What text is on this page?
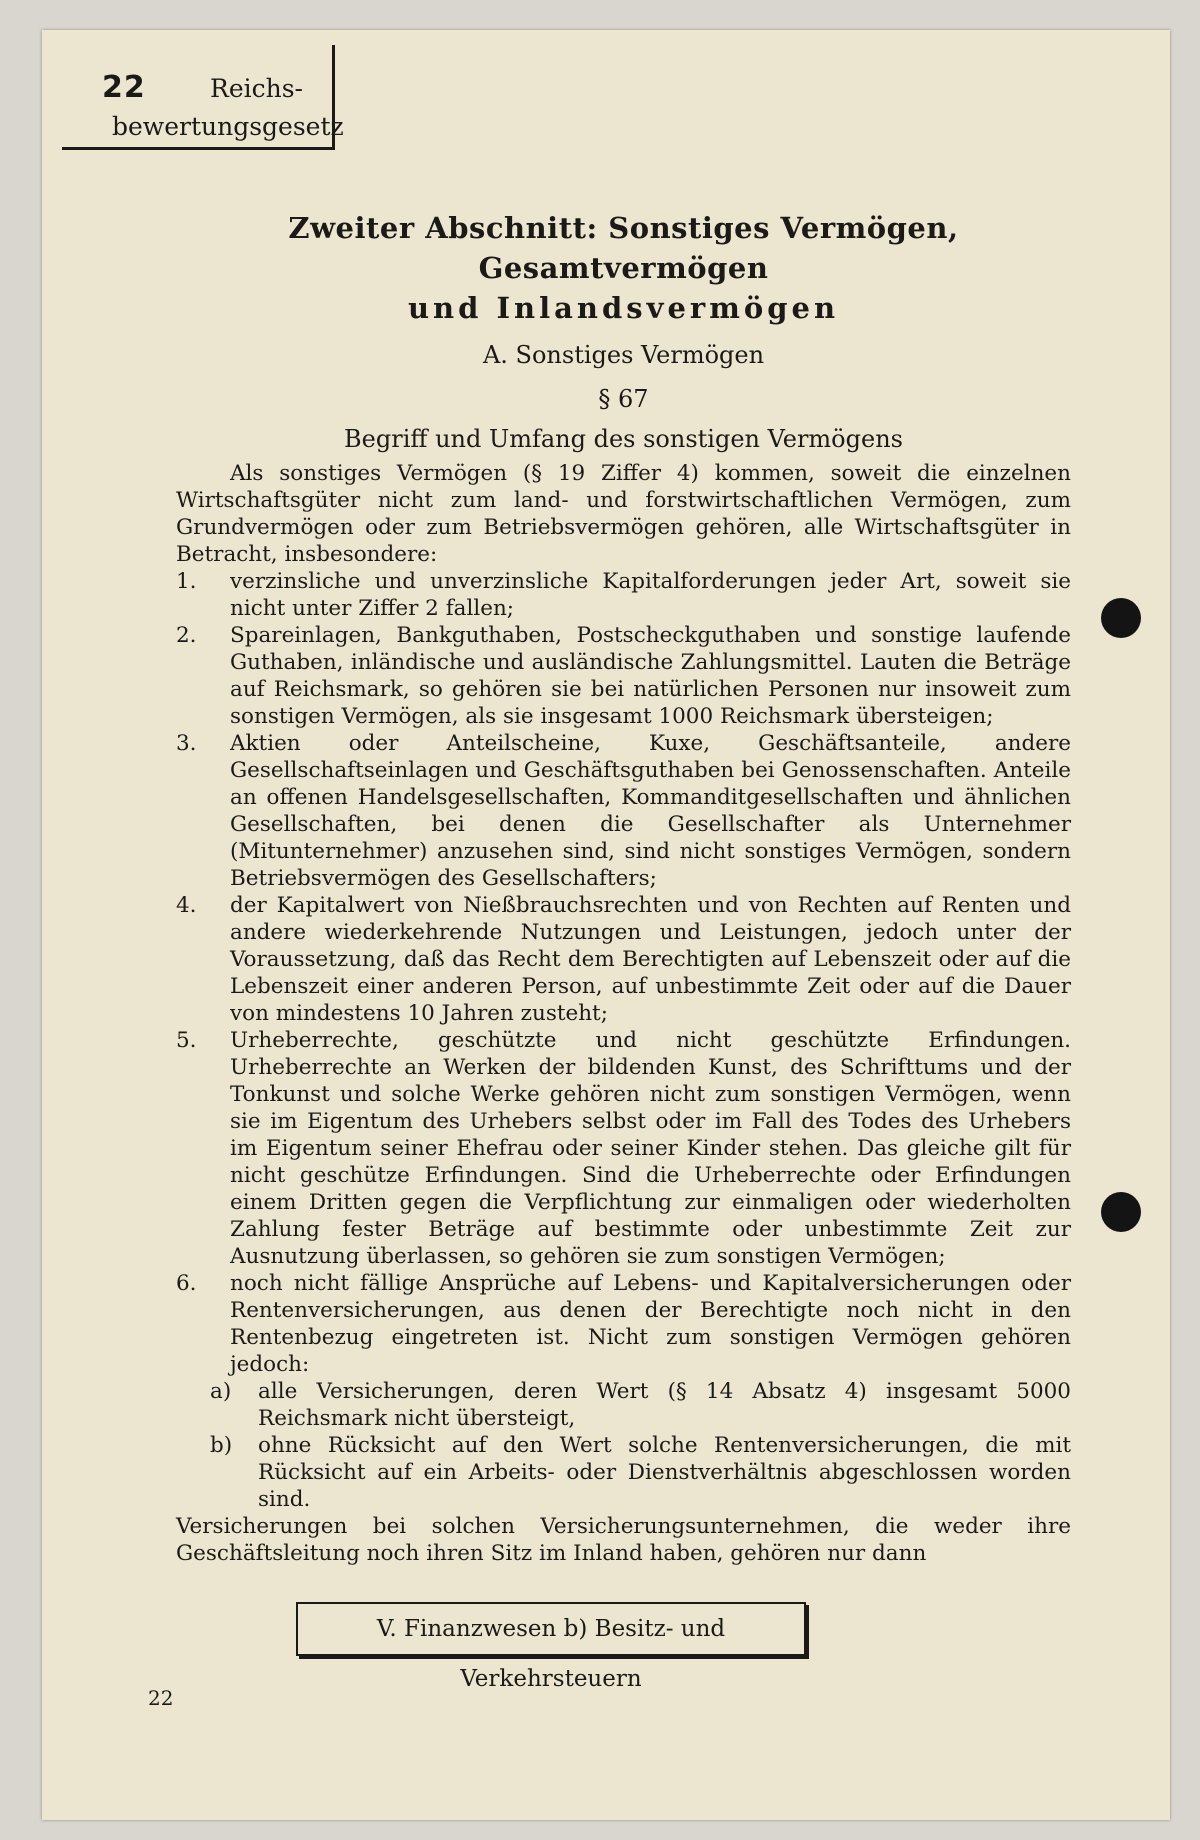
22	Reichs-
bewertungsgesetz
Zweiter Abschnitt: Sonstiges Vermögen, Gesamtvermögen
und Inlandsvermögen
A. Sonstiges Vermögen
§ 67
Begriff und Umfang des sonstigen Vermögens

Als sonstiges Vermögen (§ 19 Ziffer 4) kommen, soweit die einzelnen Wirtschaftsgüter nicht zum land- und forstwirtschaftlichen Vermögen, zum Grundvermögen oder zum Betriebsvermögen gehören, alle Wirtschaftsgüter in Betracht, insbesondere:

1. verzinsliche und unverzinsliche Kapitalforderungen jeder Art, soweit sie nicht unter Ziffer 2 fallen;
2. Spareinlagen, Bankguthaben, Postscheckguthaben und sonstige laufende Guthaben, inländische und ausländische Zahlungsmittel. Lauten die Beträge auf Reichsmark, so gehören sie bei natürlichen Personen nur insoweit zum sonstigen Vermögen, als sie insgesamt 1000 Reichsmark übersteigen;
3. Aktien oder Anteilscheine, Kuxe, Geschäftsanteile, andere Gesellschaftseinlagen und Geschäftsguthaben bei Genossenschaften. Anteile an offenen Handelsgesellschaften, Kommanditgesellschaften und ähnlichen Gesellschaften, bei denen die Gesellschafter als Unternehmer (Mitunternehmer) anzusehen sind, sind nicht sonstiges Vermögen, sondern Betriebsvermögen des Gesellschafters;
4. der Kapitalwert von Nießbrauchsrechten und von Rechten auf Renten und andere wiederkehrende Nutzungen und Leistungen, jedoch unter der Voraussetzung, daß das Recht dem Berechtigten auf Lebenszeit oder auf die Lebenszeit einer anderen Person, auf unbestimmte Zeit oder auf die Dauer von mindestens 10 Jahren zusteht;
5. Urheberrechte, geschützte und nicht geschützte Erfindungen. Urheberrechte an Werken der bildenden Kunst, des Schrifttums und der Tonkunst und solche Werke gehören nicht zum sonstigen Vermögen, wenn sie im Eigentum des Urhebers selbst oder im Fall des Todes des Urhebers im Eigentum seiner Ehefrau oder seiner Kinder stehen. Das gleiche gilt für nicht geschütze Erfindungen. Sind die Urheberrechte oder Erfindungen einem Dritten gegen die Verpflichtung zur einmaligen oder wiederholten Zahlung fester Beträge auf bestimmte oder unbestimmte Zeit zur Ausnutzung überlassen, so gehören sie zum sonstigen Vermögen;
6. noch nicht fällige Ansprüche auf Lebens- und Kapitalversicherungen oder Rentenversicherungen, aus denen der Berechtigte noch nicht in den Rentenbezug eingetreten ist. Nicht zum sonstigen Vermögen gehören jedoch:
a) alle Versicherungen, deren Wert (§ 14 Absatz 4) insgesamt 5000 Reichsmark nicht übersteigt,
b) ohne Rücksicht auf den Wert solche Rentenversicherungen, die mit Rücksicht auf ein Arbeits- oder Dienstverhältnis abgeschlossen worden sind.

Versicherungen bei solchen Versicherungsunternehmen, die weder ihre Geschäftsleitung noch ihren Sitz im Inland haben, gehören nur dann

V. Finanzwesen b) Besitz- und Verkehrsteuern
22
